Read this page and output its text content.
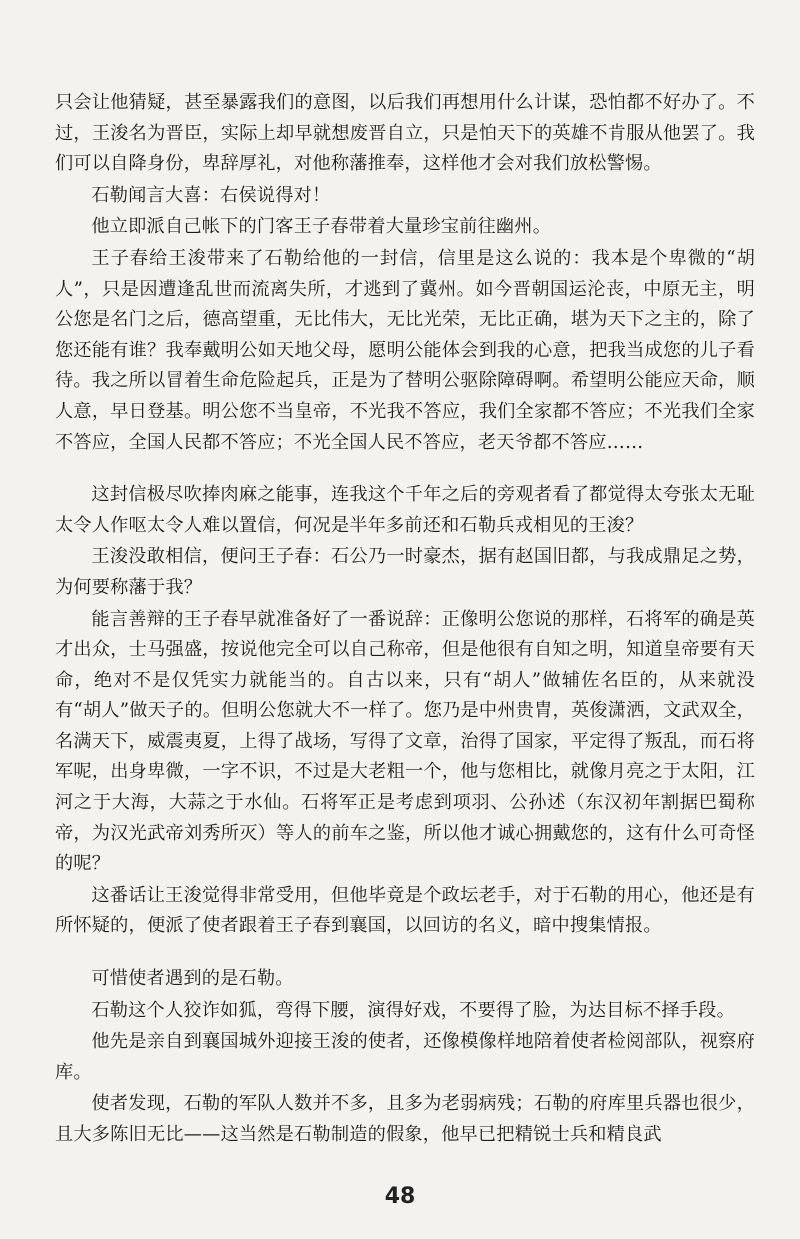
只会让他猜疑，甚至暴露我们的意图，以后我们再想用什么计谋，恐怕都不好办了。不过，王浚名为晋臣，实际上却早就想废晋自立，只是怕天下的英雄不肯服从他罢了。我们可以自降身份，卑辞厚礼，对他称藩推奉，这样他才会对我们放松警惕。

石勒闻言大喜：右侯说得对！

他立即派自己帐下的门客王子春带着大量珍宝前往幽州。

王子春给王浚带来了石勒给他的一封信，信里是这么说的：我本是个卑微的“胡人”，只是因遭逢乱世而流离失所，才逃到了冀州。如今晋朝国运沦丧，中原无主，明公您是名门之后，德高望重，无比伟大，无比光荣，无比正确，堪为天下之主的，除了您还能有谁？我奉戴明公如天地父母，愿明公能体会到我的心意，把我当成您的儿子看待。我之所以冒着生命危险起兵，正是为了替明公驱除障碍啊。希望明公能应天命，顺人意，早日登基。明公您不当皇帝，不光我不答应，我们全家都不答应；不光我们全家不答应，全国人民都不答应；不光全国人民不答应，老天爷都不答应……

这封信极尽吹捧肉麻之能事，连我这个千年之后的旁观者看了都觉得太夸张太无耻太令人作呕太令人难以置信，何况是半年多前还和石勒兵戎相见的王浚？

王浚没敢相信，便问王子春：石公乃一时豪杰，据有赵国旧都，与我成鼎足之势，为何要称藩于我？

能言善辩的王子春早就准备好了一番说辞：正像明公您说的那样，石将军的确是英才出众，士马强盛，按说他完全可以自己称帝，但是他很有自知之明，知道皇帝要有天命，绝对不是仅凭实力就能当的。自古以来，只有“胡人”做辅佐名臣的，从来就没有“胡人”做天子的。但明公您就大不一样了。您乃是中州贵胄，英俊潇洒，文武双全，名满天下，威震夷夏，上得了战场，写得了文章，治得了国家，平定得了叛乱，而石将军呢，出身卑微，一字不识，不过是大老粗一个，他与您相比，就像月亮之于太阳，江河之于大海，大蒜之于水仙。石将军正是考虑到项羽、公孙述（东汉初年割据巴蜀称帝，为汉光武帝刘秀所灭）等人的前车之鉴，所以他才诚心拥戴您的，这有什么可奇怪的呢？

这番话让王浚觉得非常受用，但他毕竟是个政坛老手，对于石勒的用心，他还是有所怀疑的，便派了使者跟着王子春到襄国，以回访的名义，暗中搜集情报。

可惜使者遇到的是石勒。

石勒这个人狡诈如狐，弯得下腰，演得好戏，不要得了脸，为达目标不择手段。

他先是亲自到襄国城外迎接王浚的使者，还像模像样地陪着使者检阅部队，视察府库。

使者发现，石勒的军队人数并不多，且多为老弱病残；石勒的府库里兵器也很少，且大多陈旧无比——这当然是石勒制造的假象，他早已把精锐士兵和精良武

48
